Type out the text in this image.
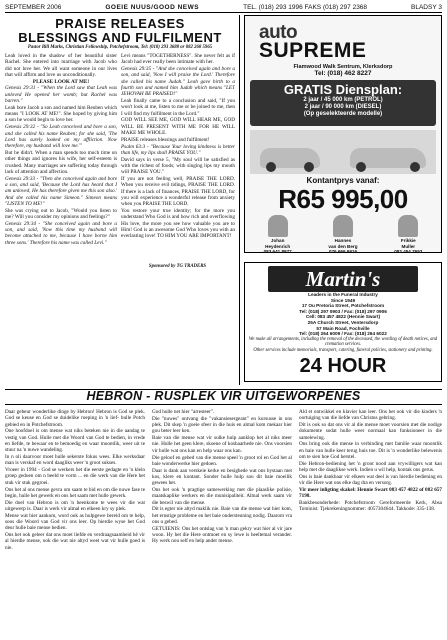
SEPTEMBER 2006	GOEIE NUUS/GOOD NEWS	TEL. (018) 293 1996 FAKS (018) 297 2368	BLADSY 3
PRAISE RELEASES
BLESSINGS AND FULFILMENT
Pastor Bill Marks, Christian Fellowship, Potchefstroom, Tel: (018) 293 3688 or 082 268 5965

Leah loved in the shadow of her beautiful sister Rachel. She entered into marriage with Jacob who did not love her. We all want someone in our lives that will affirm and love us unconditionally.

PLEASE LOOK AT ME!

Genesis 29:31 - "When the Lord saw that Leah was unloved He opened her womb; but Rachel was barren."

Leah bore Jacob a son and named him Reuben which means "I LOOK AT ME!". She hoped by giving him a son he would begin to love her.

Genesis 29:32 - "So Leah conceived and bore a son, and she called his name Reuben; for she said, 'The Lord has surely looked on my affliction. Now therefore, my husband will love me.'"

But he didn't. When a man spends too much time on other things and ignores his wife, her self-esteem is crushed. Many marriages are suffering today through lack of attention and affection.

Genesis 29:33 - "Then she conceived again and bore a son, and said, 'Because the Lord has heard that I am unloved, He has therefore given me this son also.' And she called his name Simeon." Simeon means "LISTEN TO ME!"

She was crying out to Jacob, "Would you listen to me? Will you consider my opinions and feelings?"

Genesis 29:34 - "She conceived again and bore a son, and said, 'Now this time my husband will become attached to me, because I have borne him three sons.' Therefore his name was called Levi."

Levi means "TOGETHERNESS". She never felt as if Jacob had ever really been intimate with her.

Genesis 29:35 - "And she conceived again and bore a son, and said, 'Now I will praise the Lord.' Therefore she called his name Judah." Leah gave birth to a fourth son and named him Judah which means "LET JEHOVAH BE PRAISED!"

Leah finally came to a conclusion and said, "If you won't look at me, listen to me or be joined to me, then I will find my fulfilment in the Lord."

GOD WILL SEE ME, GOD WILL HEAR ME, GOD WILL BE PRESENT WITH ME FOR HE WILL MAKE ME WHOLE.

PRAISE releases blessings and fulfilment!

Psalm 63:3 - "Because Your loving kindness is better than life, my lips shall PRAISE YOU."

David says in verse 5, "My soul will be satisfied as with the richest of foods; with singing lips my mouth will PRAISE YOU."

If you are not feeling well, PRAISE THE LORD. When you receive evil tidings, PRAISE THE LORD. If there is a lack of finances, PRAISE THE LORD, for you will experience a wonderful release from anxiety when you PRAISE THE LORD.

You restore your true identity; for the more you understand Who God is and how rich and overflowing His love, the more you see how valuable you are to Him! God is an awesome God Who loves you with an everlasting love! TO HIM YOU ARE IMPORTANT!

Sponsored by TG TRADERS
auto
SUPREME
Flamwood Walk Sentrum, Klerksdorp
Tel: (018) 462 8227
GRATIS Diensplan:
2 jaar / 45 000 km (PETROL)
2 jaar / 90 000 km (DIESEL)
(Op geselekteerde modelle)
Kontantprys vanaf:
R65 995,00
Johan
Heydenrich
083 641 8977
Hannes
van den Berg
076 666 6916
Frikkie
Muller
082 454 7653
Martin's
Leaders in the Funeral Industry
Since 1949
17 Ou Pretoria Street, Potchefstroom
Tel: (018) 297 0903 / Fax: (018) 297 0906
Cell: 083 457 4822 (Hennie Swart)
25A Church Street, Ventersdorp
57 Main Road, Fochville
Tel: (018) 264 6009 / Fax: (018) 264 6022
We make all arrangements, including the removal of the deceased, the wording of death notices, and cremation services.
Other services include memorials, transport, catering, funeral policies, stationery and printing.
24 HOUR
HEBRON - RUSPLEK VIR UITGEWORPENES

Daar gebeur wonderlike dinge by Hebron! Hebron is God se plek. God se keuse en God se duidelike roeping in 'n lief- bulle Potch gebied en in Potchefstroom.

One hoofdoel is om mense wat niks beteken nie in die aandag te vestig van God. Hulle met die Woord van God te bedien, in vrede en liefde, te bewaar en te bemoedig en waar moontlik, weer uit te stuur na 'n nuwe wandeling.

In n oli daarvoor moet hulle sekerste fokus wees. Elke werksdaar man is verskaf en word daagliks weer 'n groot sukses.

Vroeer in 1994 - God se werkers het die eerste gedagte en 'n klein groep gedoen om n beeld te vorm ... en die werk van die Here het stuk vir stuk gegroei.

Ons het al ons mense gevra om saam te bid en om die nuwe fase te begin, hulle het gewerk en ons het saam met hulle gewerk.

Die doel van Hebron is om 'n heenkome te wees vir die wat uitgewerp is. Daar is werk vir almal en elkeen kry sy plek.

Mense wat hier aankom, word ook as hulpgewe bereid om te help, soos die Woord van God vir ons leer. Op hierdie wyse het God deur hulle baie mense bedien.

Ons het ook geleer dat ons moet liefde en verdraagsaamheid hê vir al hierdie mense, ook die wat nie altyd weet wat vir hulle goed is nie.

God hulle net hier "arresteer".

Die "nuwes" ontvang die "vakansiesergeant" en kursusse in ons plek. Dit skep 'n goeie sfeer in die huis en almal kom mekaar hier gou beter leer ken.

Baie van die mense wat vir sulke hulp aanklop het al niks meer nie. Hulle het geen klere, skoene of kosbaarhede nie. Ons voorsien vir hulle wat ons kan en help waar ons kan.

Die geloof en gebed van die mense speel 'n groot rol en God het al baie wonderwerke hier gedoen.

Daar is dank aan verskeie kerke en besighede wat ons bystaan met kos, klere en kontant. Sonder hulle hulp sou dit baie moeilik gewees het.

Ons het ook 'n pragtige samewerking met die plaaslike polisie, maatskaplike werkers en die munisipaliteit. Almal werk saam vir die beswil van die mense.

Dit is egter nie altyd maklik nie. Baie van die mense wat hier kom, het ernstige probleme en het baie ondersteuning nodig. Daarom vra ons u gebed.

GETUIENIS: Ons het ontslag van 'n man gekry wat hier al vir jare woon. Hy het die Here ontmoet en sy lewe is heeltemal verander. Hy werk nou self en help ander mense.

Ald et ontwikkel en klavier kan leer. Ons het ook vir die kinders 'n oortuiging van die liefde van Christus gebring.

Dit is ook so dat ons vir al die mense moet voorsien met die nodige dokumente sodat hulle weer normaal kan funksioneer in die samelewing.

Ons bring ook die mense in verbinding met familie waar moontlik en baie van hulle keer terug huis toe. Dit is 'n wonderlike belewenis om te sien hoe God herstel.

Die Hebron-bediening het 'n groot nood aan vrywilligers wat kan help met die daaglikse werk. Indien u wil help, kontak ons gerus.

Ons is baie dankbaar vir elkeen wat deel is van hierdie bediening en vir die Here wat ons elke dag dra en versorg.

Vir meer inligting skakel: Hennie Swart 083 457 4822 of 082 657 7198.

Bankbesonderhede: Potchefstroom Gereformeerde Kerk, Absa Tominist. Tjekrekeningnommer: 4057304644. Takkode: 335-138.
